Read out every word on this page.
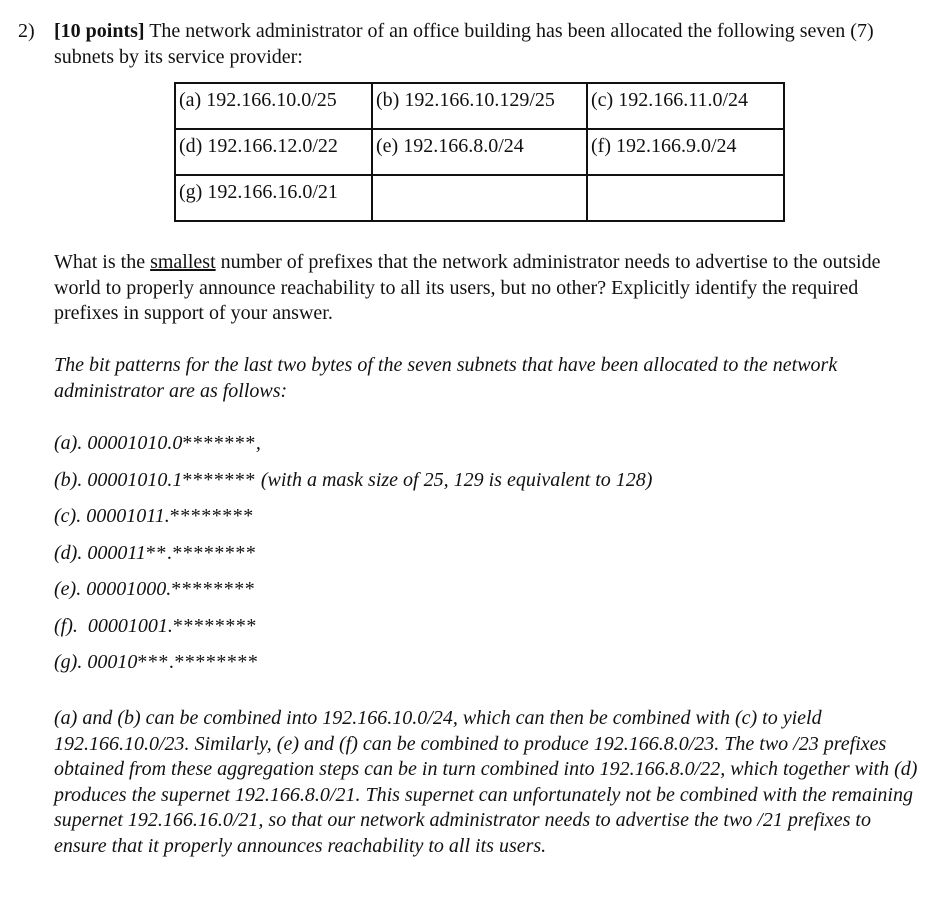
2) [10 points] The network administrator of an office building has been allocated the following seven (7) subnets by its service provider:
(a) 192.166.10.0/25	(b) 192.166.10.129/25	(c) 192.166.11.0/24
(d) 192.166.12.0/22	(e) 192.166.8.0/24	(f) 192.166.9.0/24
(g) 192.166.16.0/21		
What is the smallest number of prefixes that the network administrator needs to advertise to the outside world to properly announce reachability to all its users, but no other? Explicitly identify the required prefixes in support of your answer.
The bit patterns for the last two bytes of the seven subnets that have been allocated to the network administrator are as follows:
(a). 00001010.0*******,
(b). 00001010.1******* (with a mask size of 25, 129 is equivalent to 128)
(c). 00001011.********
(d). 000011**.********
(e). 00001000.********
(f).  00001001.********
(g). 00010***.********
(a) and (b) can be combined into 192.166.10.0/24, which can then be combined with (c) to yield 192.166.10.0/23. Similarly, (e) and (f) can be combined to produce 192.166.8.0/23. The two /23 prefixes obtained from these aggregation steps can be in turn combined into 192.166.8.0/22, which together with (d) produces the supernet 192.166.8.0/21. This supernet can unfortunately not be combined with the remaining supernet 192.166.16.0/21, so that our network administrator needs to advertise the two /21 prefixes to ensure that it properly announces reachability to all its users.
